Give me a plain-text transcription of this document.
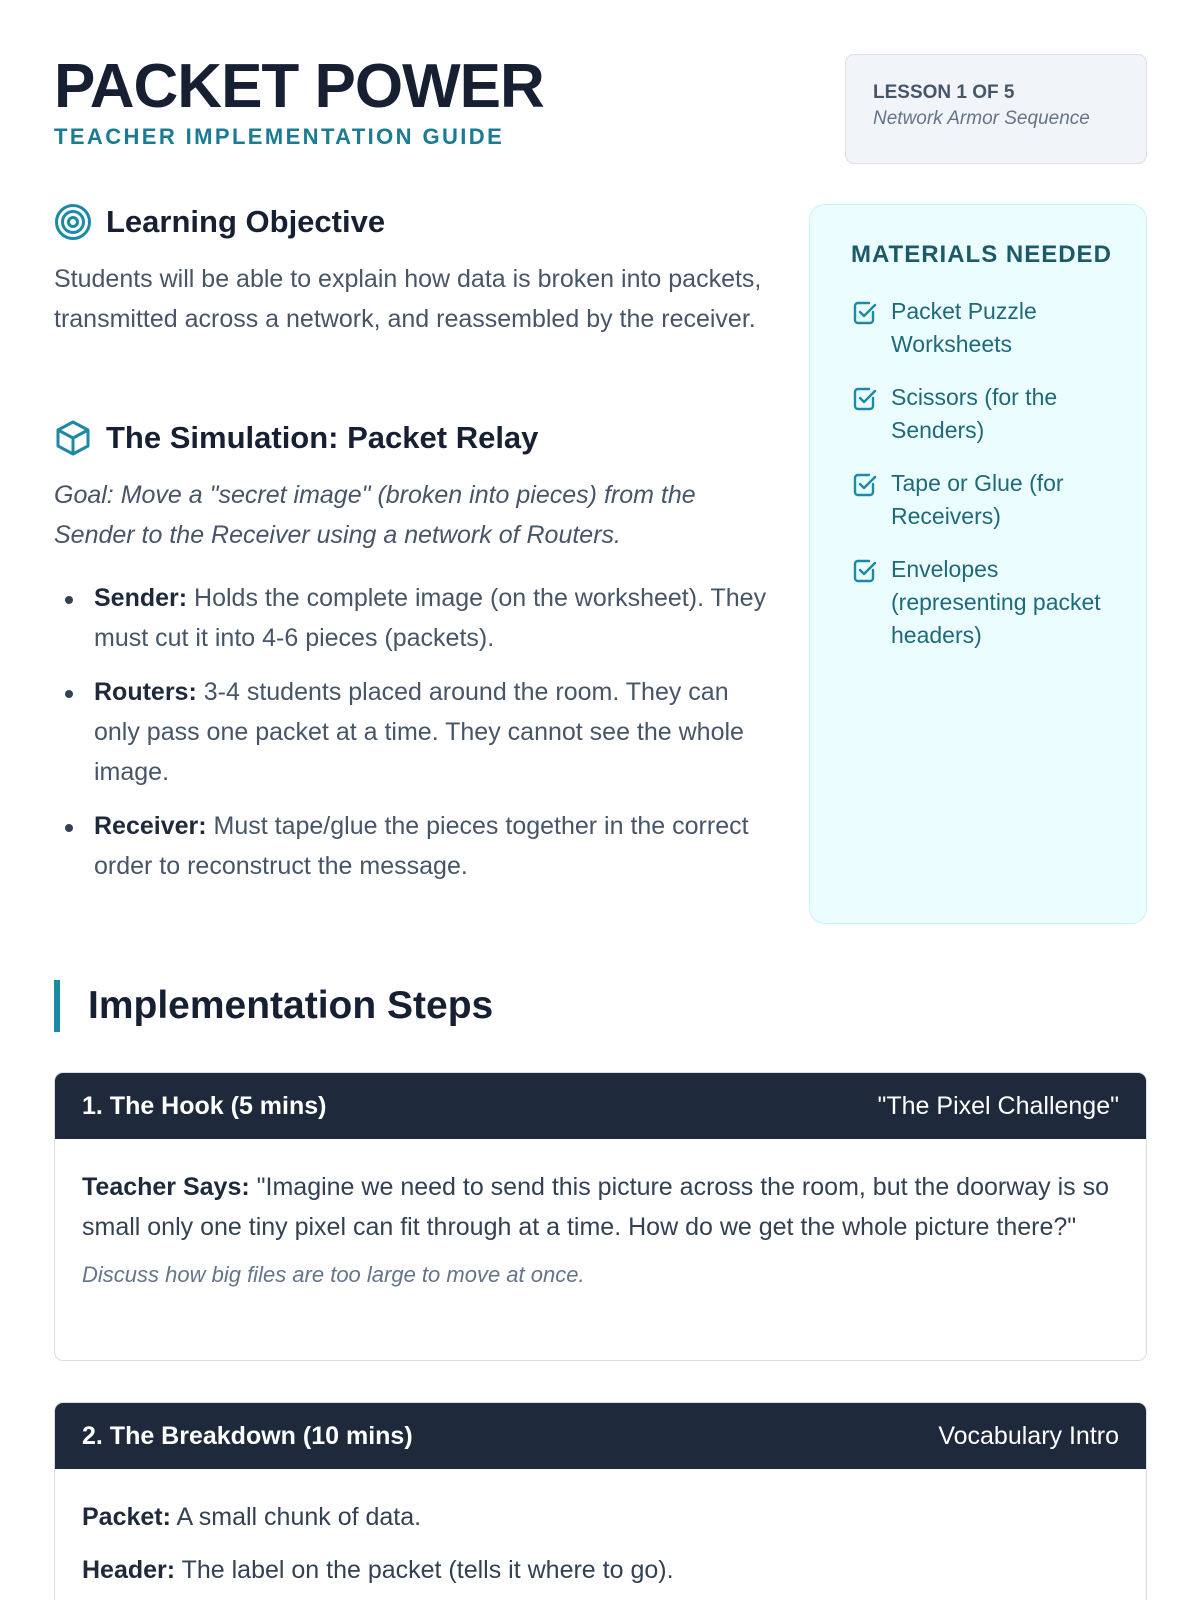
PACKET POWER
TEACHER IMPLEMENTATION GUIDE
LESSON 1 OF 5
Network Armor Sequence
Learning Objective
Students will be able to explain how data is broken into packets, transmitted across a network, and reassembled by the receiver.
The Simulation: Packet Relay
Goal: Move a "secret image" (broken into pieces) from the Sender to the Receiver using a network of Routers.
Sender: Holds the complete image (on the worksheet). They must cut it into 4-6 pieces (packets).
Routers: 3-4 students placed around the room. They can only pass one packet at a time. They cannot see the whole image.
Receiver: Must tape/glue the pieces together in the correct order to reconstruct the message.
MATERIALS NEEDED
Packet Puzzle Worksheets
Scissors (for the Senders)
Tape or Glue (for Receivers)
Envelopes (representing packet headers)
Implementation Steps
1. The Hook (5 mins)	"The Pixel Challenge"

Teacher Says: "Imagine we need to send this picture across the room, but the doorway is so small only one tiny pixel can fit through at a time. How do we get the whole picture there?"

Discuss how big files are too large to move at once.

2. The Breakdown (10 mins)	Vocabulary Intro

Packet: A small chunk of data.

Header: The label on the packet (tells it where to go).
